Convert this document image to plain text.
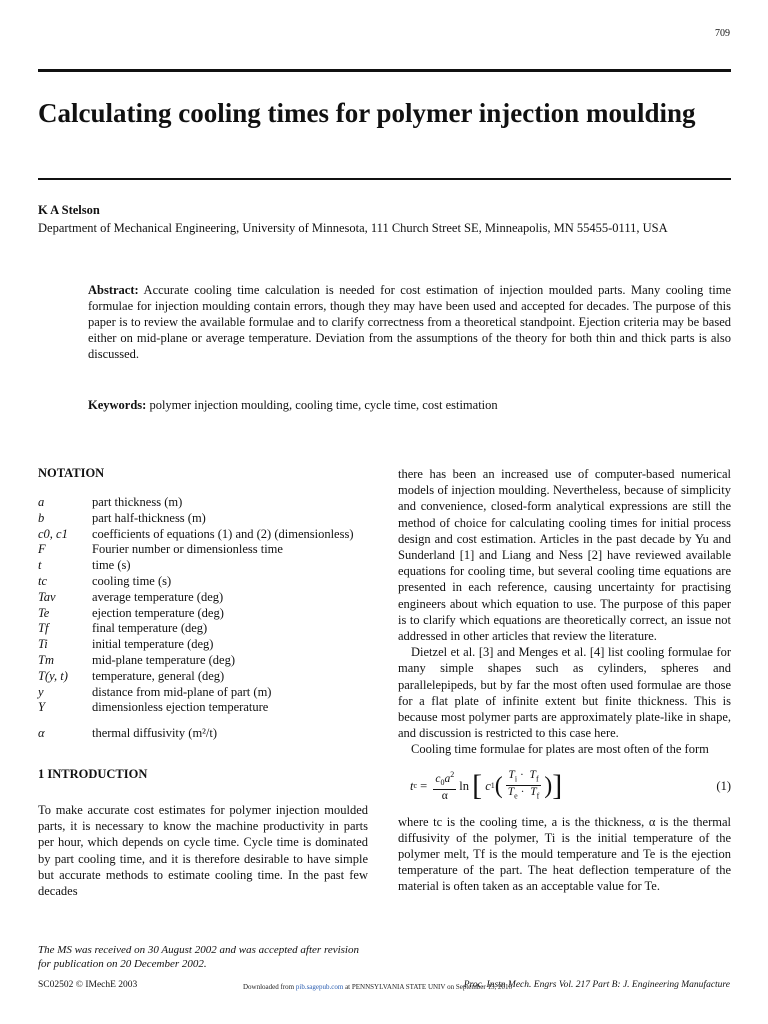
709
Calculating cooling times for polymer injection moulding
K A Stelson
Department of Mechanical Engineering, University of Minnesota, 111 Church Street SE, Minneapolis, MN 55455-0111, USA
Abstract: Accurate cooling time calculation is needed for cost estimation of injection moulded parts. Many cooling time formulae for injection moulding contain errors, though they may have been used and accepted for decades. The purpose of this paper is to review the available formulae and to clarify correctness from a theoretical standpoint. Ejection criteria may be based either on mid-plane or average temperature. Deviation from the assumptions of the theory for both thin and thick parts is also discussed.
Keywords: polymer injection moulding, cooling time, cycle time, cost estimation
NOTATION
a	part thickness (m)
b	part half-thickness (m)
c0, c1	coefficients of equations (1) and (2) (dimensionless)
F	Fourier number or dimensionless time
t	time (s)
tc	cooling time (s)
Tav	average temperature (deg)
Te	ejection temperature (deg)
Tf	final temperature (deg)
Ti	initial temperature (deg)
Tm	mid-plane temperature (deg)
T(y, t)	temperature, general (deg)
y	distance from mid-plane of part (m)
Y	dimensionless ejection temperature
α	thermal diffusivity (m²/t)
1 INTRODUCTION
To make accurate cost estimates for polymer injection moulded parts, it is necessary to know the machine productivity in parts per hour, which depends on cycle time. Cycle time is dominated by part cooling time, and it is therefore desirable to have simple but accurate methods to estimate cooling time. In the past few decades
The MS was received on 30 August 2002 and was accepted after revision for publication on 20 December 2002.

there has been an increased use of computer-based numerical models of injection moulding. Nevertheless, because of simplicity and convenience, closed-form analytical expressions are still the method of choice for calculating cooling times for initial process design and cost estimation. Articles in the past decade by Yu and Sunderland [1] and Liang and Ness [2] have reviewed available equations for cooling time, but several cooling time equations are presented in each reference, causing uncertainty for practising engineers about which equation to use. The purpose of this paper is to clarify which equations are theoretically correct, an issue not addressed in other articles that review the literature.

Dietzel et al. [3] and Menges et al. [4] list cooling formulae for many simple shapes such as cylinders, spheres and parallelepipeds, but by far the most often used formulae are those for a flat plate of infinite extent but finite thickness. This is because most polymer parts are approximately plate-like in shape, and discussion is restricted to this case here.

Cooling time formulae for plates are most often of the form

t $c = \frac{c_0a^2}{\alpha}$ ln [
c 1 ( $\frac{T_i \cdot T_f}{T_e \cdot T_f}$ ) ]	(1)

where tc is the cooling time, a is the thickness, α is the thermal diffusivity of the polymer, Ti is the initial temperature of the polymer melt, Tf is the mould temperature and Te is the ejection temperature of the part. The heat deflection temperature of the material is often taken as an acceptable value for Te.

SC02502 © IMechE 2003	Downloaded from pib.sagepub.com at PENNSYLVANIA STATE UNIV on September 15, 2016
Proc. Instn Mech. Engrs Vol. 217 Part B: J. Engineering Manufacture
